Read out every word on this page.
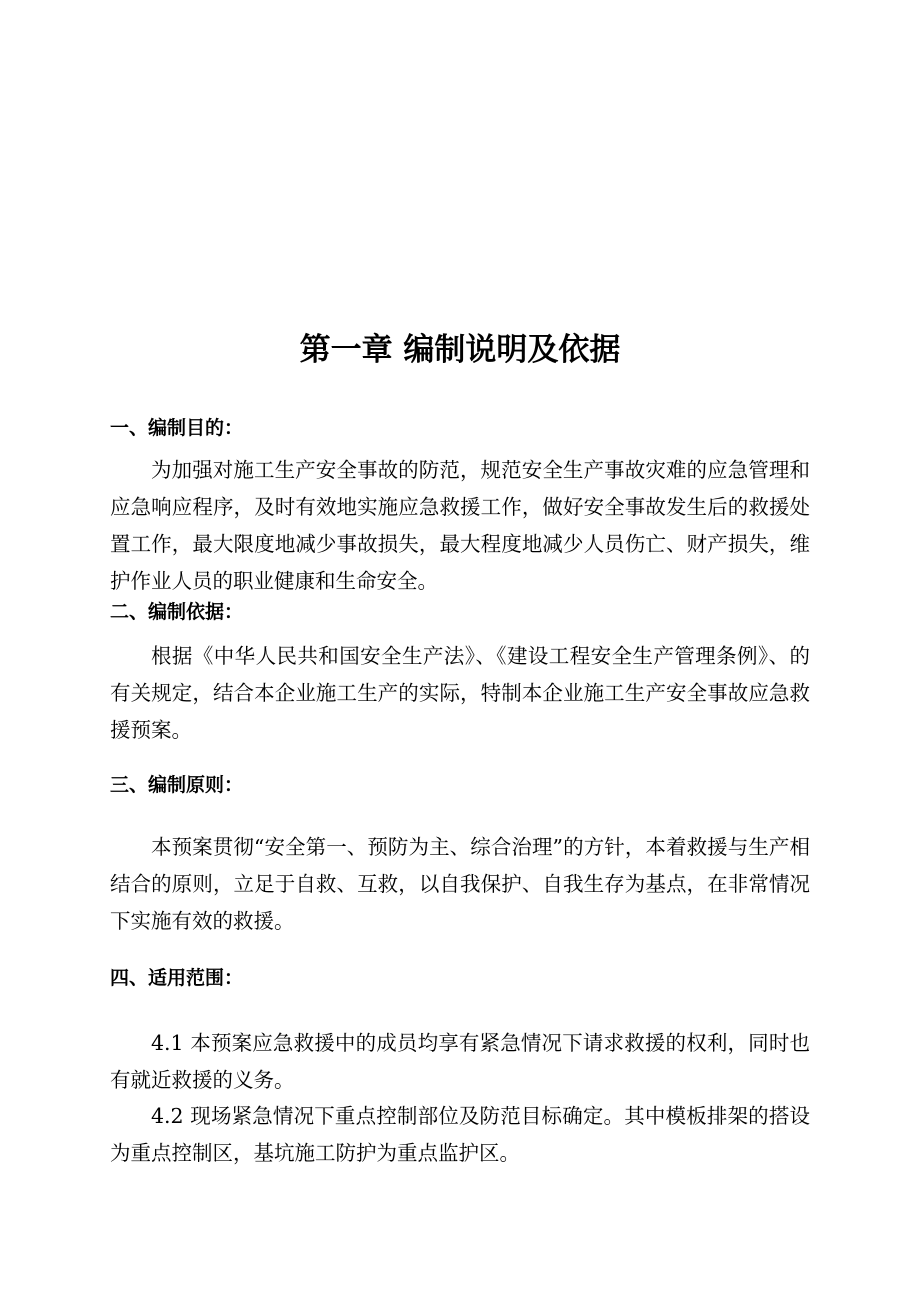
第一章 编制说明及依据
一、编制目的：

为加强对施工生产安全事故的防范，规范安全生产事故灾难的应急管理和应急响应程序，及时有效地实施应急救援工作，做好安全事故发生后的救援处置工作，最大限度地减少事故损失，最大程度地减少人员伤亡、财产损失，维护作业人员的职业健康和生命安全。

二、编制依据：

根据《中华人民共和国安全生产法》、《建设工程安全生产管理条例》、的有关规定，结合本企业施工生产的实际，特制本企业施工生产安全事故应急救援预案。

三、编制原则：

本预案贯彻“安全第一、预防为主、综合治理”的方针，本着救援与生产相结合的原则，立足于自救、互救，以自我保护、自我生存为基点，在非常情况下实施有效的救援。

四、适用范围：

4.1 本预案应急救援中的成员均享有紧急情况下请求救援的权利，同时也有就近救援的义务。

4.2 现场紧急情况下重点控制部位及防范目标确定。其中模板排架的搭设为重点控制区，基坑施工防护为重点监护区。
